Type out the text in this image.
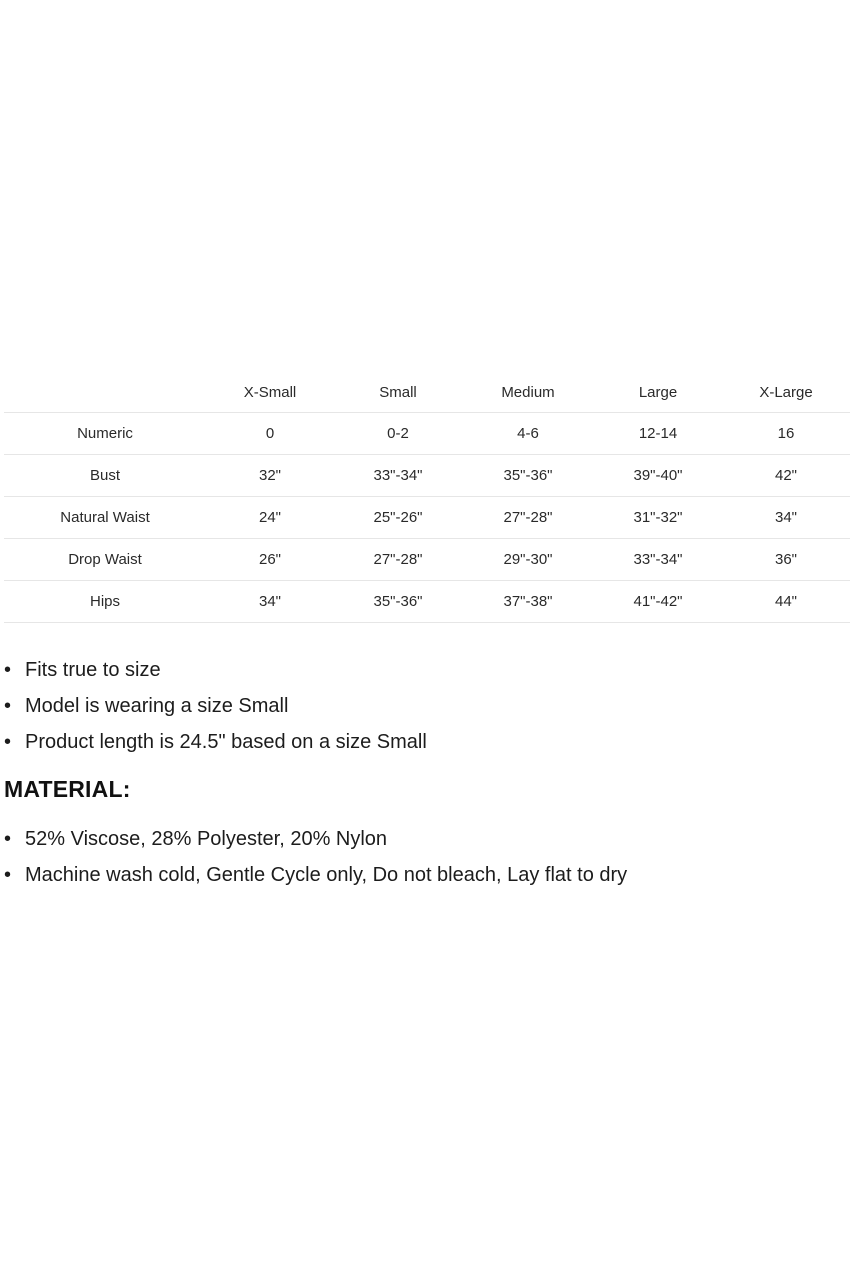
	X-Small	Small	Medium	Large	X-Large
Numeric	0	0-2	4-6	12-14	16
Bust	32"	33"-34"	35"-36"	39"-40"	42"
Natural Waist	24"	25"-26"	27"-28"	31"-32"	34"
Drop Waist	26"	27"-28"	29"-30"	33"-34"	36"
Hips	34"	35"-36"	37"-38"	41"-42"	44"
• Fits true to size
• Model is wearing a size Small
• Product length is 24.5" based on a size Small
MATERIAL:
• 52% Viscose, 28% Polyester, 20% Nylon
• Machine wash cold, Gentle Cycle only, Do not bleach, Lay flat to dry
